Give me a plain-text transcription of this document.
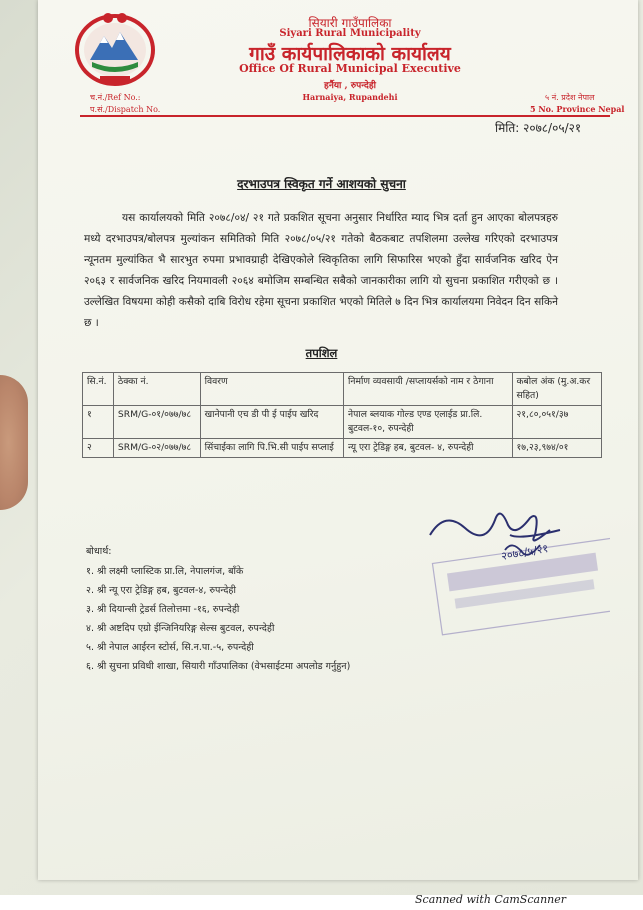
सियारी गाउँपालिका
Siyari Rural Municipality
गाउँ कार्यपालिकाको कार्यालय
Office Of Rural Municipal Executive
हर्नैया , रुपन्देही
Harnaiya, Rupandehi
च.नं./Ref No.:
प.सं./Dispatch No.
५ नं. प्रदेश नेपाल
5 No. Province Nepal
मिति: २०७८/०५/२१
दरभाउपत्र स्विकृत गर्ने आशयको सुचना
यस कार्यालयको मिति २०७८/०४/ २१ गते प्रकशित सूचना अनुसार निर्धारित म्याद भित्र दर्ता हुन आएका बोलपत्रहरु मध्ये दरभाउपत्र/बोलपत्र मुल्यांकन समितिको मिति २०७८/०५/२१ गतेको बैठकबाट तपशिलमा उल्लेख गरिएको दरभाउपत्र न्यूनतम मुल्यांकित भै सारभुत रुपमा प्रभावग्राही देखिएकोले स्विकृतिका लागि सिफारिस भएको हुँदा सार्वजनिक खरिद ऐन २०६३ र सार्वजनिक खरिद नियमावली २०६४ बमोजिम सम्बन्धित सबैको जानकारीका लागि यो सुचना प्रकाशित गरीएको छ । उल्लेखित विषयमा कोही कसैको दाबि विरोध रहेमा सूचना प्रकाशित भएको मितिले ७ दिन भित्र कार्यालयमा निवेदन दिन सकिने छ ।
तपशिल
सि.नं.	ठेक्का नं.	विवरण	निर्माण व्यवसायी /सप्लायर्सको नाम र ठेगाना	कबोल अंक (मु.अ.कर सहित)
१	SRM/G-०१/०७७/७८	खानेपानी एच डी पी ई पाईप खरिद	नेपाल ब्लयाक गोल्ड एण्ड एलाईड प्रा.लि. बुटवल-१०, रुपन्देही	२१,८०,०५१/३७
२	SRM/G-०२/०७७/७८	सिंचाईका लागि पि.भि.सी पाईप सप्लाई	न्यू एरा ट्रेडिङ्ग हब, बुटवल- ४, रुपन्देही	१७,२३,९७४/०१
२०७८/५/२१
बोधार्थ:
१. श्री लक्ष्मी प्लास्टिक प्रा.लि, नेपालगंज, बाँके
२. श्री न्यू एरा ट्रेडिङ्ग हब, बुटवल-४, रुपन्देही
३. श्री दियान्सी ट्रेडर्स तिलोत्तमा -१६, रुपन्देही
४. श्री अष्टदिप एग्रो ईन्जिनियरिङ्ग सेल्स बुटवल, रुपन्देही
५. श्री नेपाल आईरन स्टोर्स, सि.न.पा.-५, रुपन्देही
६. श्री सुचना प्रविधी शाखा, सियारी गाँउपालिका (वेभसाईटमा अपलोड गर्नुहुन)
Scanned with CamScanner
